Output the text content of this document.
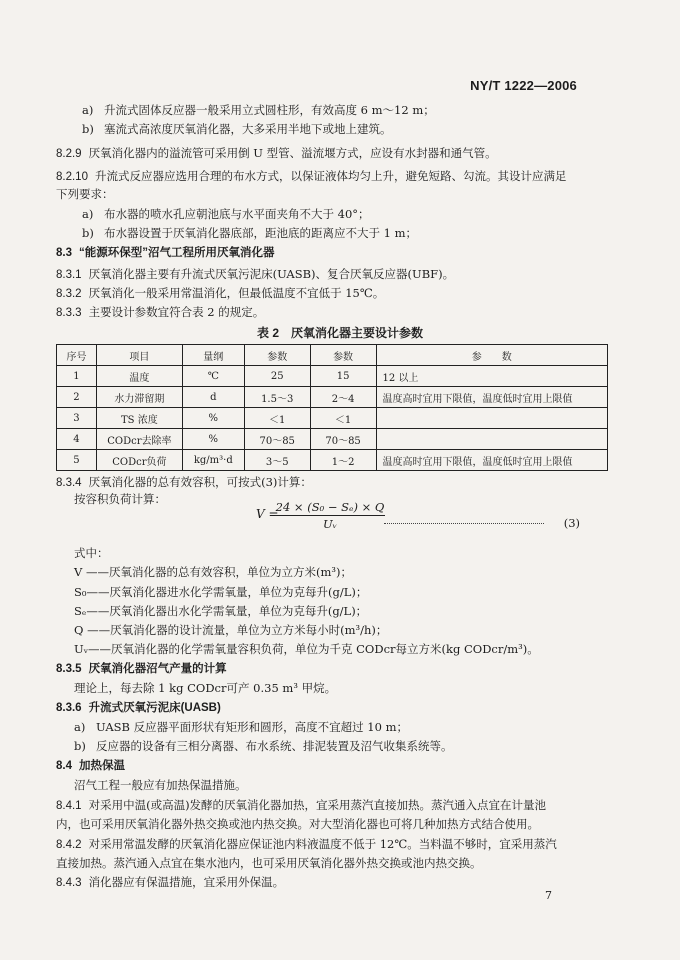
NY/T 1222—2006
a) 升流式固体反应器一般采用立式圆柱形，有效高度 6 m～12 m；
b) 塞流式高浓度厌氧消化器，大多采用半地下或地上建筑。
8.2.9 厌氧消化器内的溢流管可采用倒 U 型管、溢流堰方式，应设有水封器和通气管。
8.2.10 升流式反应器应选用合理的布水方式，以保证液体均匀上升，避免短路、勾流。其设计应满足
下列要求：
a) 布水器的喷水孔应朝池底与水平面夹角不大于 40°；
b) 布水器设置于厌氧消化器底部，距池底的距离应不大于 1 m；
8.3 “能源环保型”沼气工程所用厌氧消化器
8.3.1 厌氧消化器主要有升流式厌氧污泥床(UASB)、复合厌氧反应器(UBF)。
8.3.2 厌氧消化一般采用常温消化，但最低温度不宜低于 15℃。
8.3.3 主要设计参数宜符合表 2 的规定。
表 2　厌氧消化器主要设计参数
序号	项目	量纲	参数	参数	参　　数
1	温度	℃	25	15	12 以上
2	水力滞留期	d	1.5～3	2～4	温度高时宜用下限值，温度低时宜用上限值
3	TS 浓度	%	＜1	＜1	
4	CODcr去除率	%	70～85	70～85	
5	CODcr负荷	kg/m³·d	3～5	1～2	温度高时宜用下限值，温度低时宜用上限值
8.3.4 厌氧消化器的总有效容积，可按式(3)计算：
按容积负荷计算：
V =
$\frac{\text{24 × (S₀ − Sₑ) × Q}}{\text{Uᵥ}}$	(3)
式中：
V ——厌氧消化器的总有效容积，单位为立方米(m³)；
S₀——厌氧消化器进水化学需氧量，单位为克每升(g/L)；
Sₑ——厌氧消化器出水化学需氧量，单位为克每升(g/L)；
Q ——厌氧消化器的设计流量，单位为立方米每小时(m³/h)；
Uᵥ——厌氧消化器的化学需氧量容积负荷，单位为千克 CODcr每立方米(kg CODcr/m³)。
8.3.5 厌氧消化器沼气产量的计算
理论上，每去除 1 kg CODcr可产 0.35 m³ 甲烷。
8.3.6 升流式厌氧污泥床(UASB)
a) UASB 反应器平面形状有矩形和圆形，高度不宜超过 10 m；
b) 反应器的设备有三相分离器、布水系统、排泥装置及沼气收集系统等。
8.4 加热保温
沼气工程一般应有加热保温措施。
8.4.1 对采用中温(或高温)发酵的厌氧消化器加热，宜采用蒸汽直接加热。蒸汽通入点宜在计量池
内，也可采用厌氧消化器外热交换或池内热交换。对大型消化器也可将几种加热方式结合使用。
8.4.2 对采用常温发酵的厌氧消化器应保证池内料液温度不低于 12℃。当料温不够时，宜采用蒸汽
直接加热。蒸汽通入点宜在集水池内，也可采用厌氧消化器外热交换或池内热交换。
8.4.3 消化器应有保温措施，宜采用外保温。
7
